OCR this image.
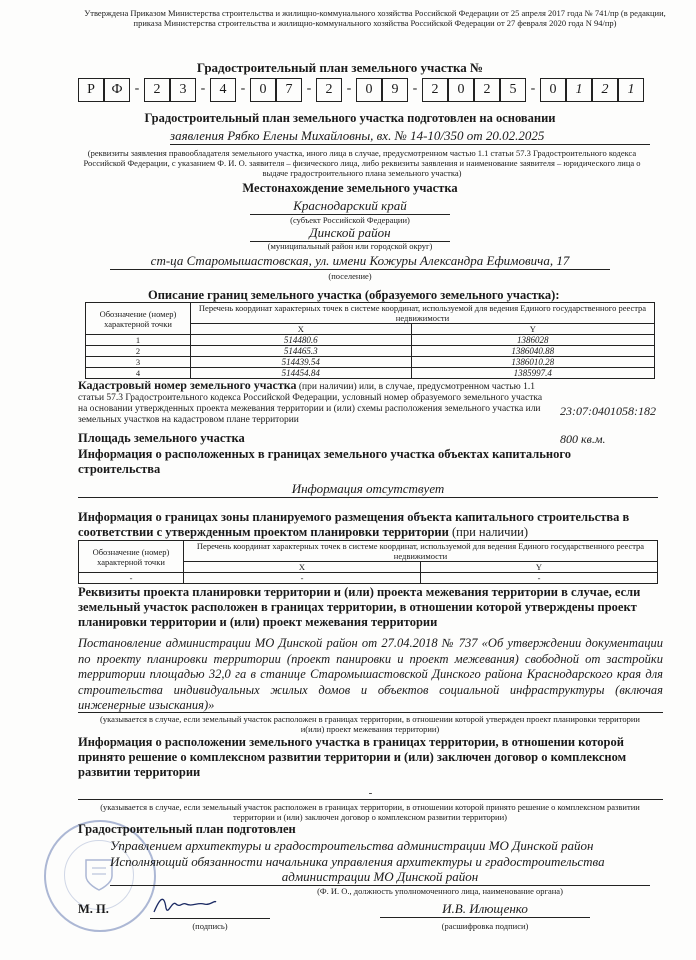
Утверждена Приказом Министерства строительства и жилищно-коммунального хозяйства Российской Федерации от 25 апреля 2017 года № 741/пр (в редакции, приказа Министерства строительства и жилищно-коммунального хозяйства Российской Федерации от 27 февраля 2020 года N 94/пр)
Градостроительный план земельного участка №
Р Ф - 2 3 - 4 - 0 7 - 2 - 0 9 - 2 0 2 5 - 0 1 2 1
Градостроительный план земельного участка подготовлен на основании
заявления Рябко Елены Михайловны, вх. № 14-10/350 от 20.02.2025
(реквизиты заявления правообладателя земельного участка, иного лица в случае, предусмотренном частью 1.1 статьи 57.3 Градостроительного кодекса Российской Федерации, с указанием Ф. И. О. заявителя – физического лица, либо реквизиты заявления и наименование заявителя – юридического лица о выдаче градостроительного плана земельного участка)
Местонахождение земельного участка
Краснодарский край
(субъект Российской Федерации)
Динской район
(муниципальный район или городской округ)
ст-ца Старомышастовская, ул. имени Кожуры Александра Ефимовича, 17
(поселение)
Описание границ земельного участка (образуемого земельного участка):
Обозначение (номер) характерной точки	Перечень координат характерных точек в системе координат, используемой для ведения Единого государственного реестра недвижимости	
	X	Y
1	514480.6	1386028
2	514465.3	1386040.88
3	514439.54	1386010.28
4	514454.84	1385997.4
Кадастровый номер земельного участка (при наличии) или, в случае, предусмотренном частью 1.1 статьи 57.3 Градостроительного кодекса Российской Федерации, условный номер образуемого земельного участка на основании утвержденных проекта межевания территории и (или) схемы расположения земельного участка или земельных участков на кадастровом плане территории
23:07:0401058:182
Площадь земельного участка	800 кв.м.
Информация о расположенных в границах земельного участка объектах капитального строительства
Информация отсутствует
Информация о границах зоны планируемого размещения объекта капитального строительства в соответствии с утвержденным проектом планировки территории (при наличии)
Обозначение (номер) характерной точки	Перечень координат характерных точек в системе координат, используемой для ведения Единого государственного реестра недвижимости	
	X	Y
-	-	-
Реквизиты проекта планировки территории и (или) проекта межевания территории в случае, если земельный участок расположен в границах территории, в отношении которой утверждены проект планировки территории и (или) проект межевания территории
Постановление администрации МО Динской район от 27.04.2018 № 737 «Об утверждении документации по проекту планировки территории (проект панировки и проект межевания) свободной от застройки территории площадью 32,0 га в станице Старомышастовской Динского района Краснодарского края для строительства индивидуальных жилых домов и объектов социальной инфраструктуры (включая инженерные изыскания)»
(указывается в случае, если земельный участок расположен в границах территории, в отношении которой утвержден проект планировки территории и(или) проект межевания территории)
Информация о расположении земельного участка в границах территории, в отношении которой принято решение о комплексном развитии территории и (или) заключен договор о комплексном развитии территории
-
(указывается в случае, если земельный участок расположен в границах территории, в отношении которой принято решение о комплексном развитии территории и (или) заключен договор о комплексном развитии территории)
Градостроительный план подготовлен
Управлением архитектуры и градостроительства администрации МО Динской район
Исполняющий обязанности начальника управления архитектуры и градостроительства
администрации МО Динской район
(Ф. И. О., должность уполномоченного лица, наименование органа)
М. П.
(подпись)
И.В. Илющенко
(расшифровка подписи)
